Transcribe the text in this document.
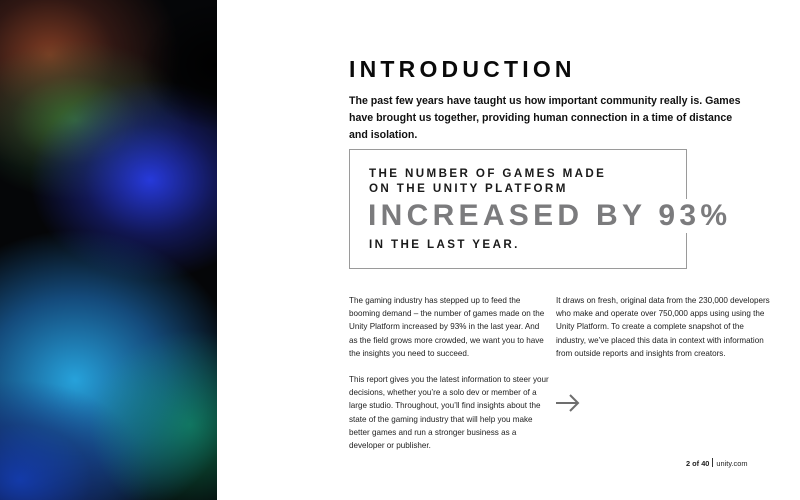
INTRODUCTION

The past few years have taught us how important community really is. Games have brought us together, providing human connection in a time of distance and isolation.

THE NUMBER OF GAMES MADE
ON THE UNITY PLATFORM
INCREASED BY 93%
IN THE LAST YEAR.

The gaming industry has stepped up to feed the booming demand – the number of games made on the Unity Platform increased by 93% in the last year. And as the field grows more crowded, we want you to have the insights you need to succeed.

This report gives you the latest information to steer your decisions, whether you’re a solo dev or member of a large studio. Throughout, you’ll find insights about the state of the gaming industry that will help you make better games and run a stronger business as a developer or publisher.

It draws on fresh, original data from the 230,000 developers who make and operate over 750,000 apps using using the Unity Platform. To create a complete snapshot of the industry, we’ve placed this data in context with information from outside reports and insights from creators.

2 of 40 unity.com
